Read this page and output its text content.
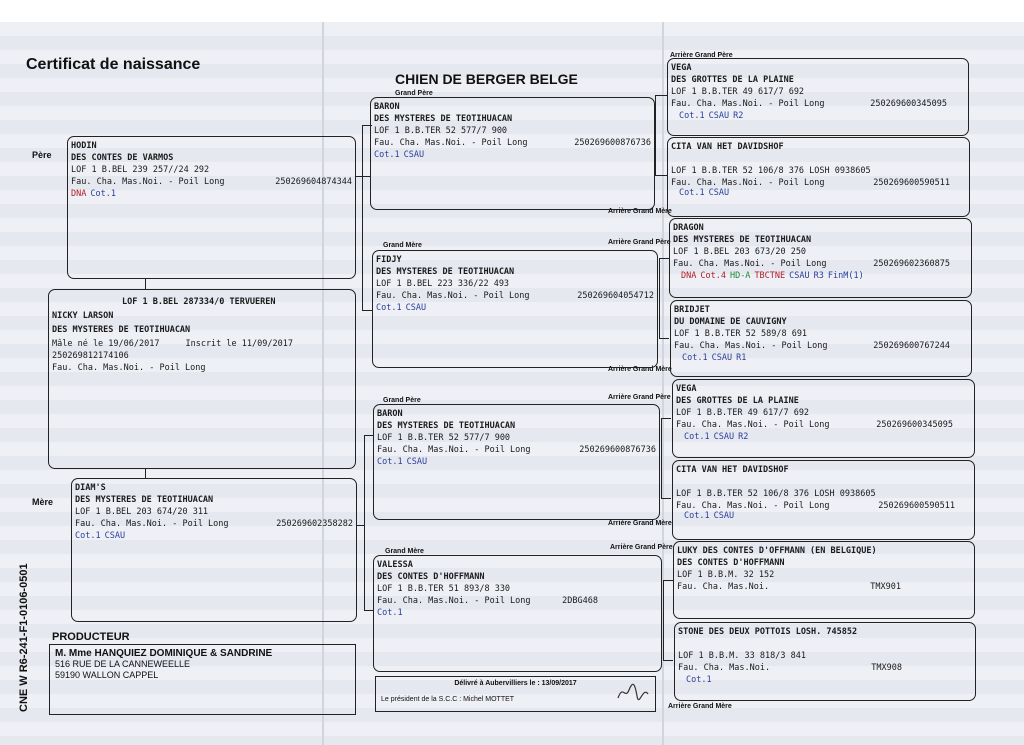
Certificat de naissance
CHIEN DE BERGER BELGE
Père
Mère
Grand Père
Grand Mère
Grand Père
Grand Mère
Arrière Grand Père
Arrière Grand Mère
Arrière Grand Père
Arrière Grand Mère
Arrière Grand Père
Arrière Grand Mère
Arrière Grand Père
Arrière Grand Mère
HODIN
DES CONTES DE VARMOS
LOF 1 B.BEL 239 257//24 292
Fau. Cha. Mas.Noi. - Poil Long	250269604874344
DNA Cot.1
LOF 1 B.BEL 287334/0 TERVUEREN
NICKY LARSON
DES MYSTERES DE TEOTIHUACAN
Mâle né le 19/06/2017	Inscrit le 11/09/2017
250269812174106
Fau. Cha. Mas.Noi. - Poil Long
DIAM'S
DES MYSTERES DE TEOTIHUACAN
LOF 1 B.BEL 203 674/20 311
Fau. Cha. Mas.Noi. - Poil Long	250269602358282
Cot.1 CSAU
BARON
DES MYSTERES DE TEOTIHUACAN
LOF 1 B.B.TER 52 577/7 900
Fau. Cha. Mas.Noi. - Poil Long	250269600876736
Cot.1 CSAU
FIDJY
DES MYSTERES DE TEOTIHUACAN
LOF 1 B.BEL 223 336/22 493
Fau. Cha. Mas.Noi. - Poil Long	250269604054712
Cot.1 CSAU
BARON
DES MYSTERES DE TEOTIHUACAN
LOF 1 B.B.TER 52 577/7 900
Fau. Cha. Mas.Noi. - Poil Long	250269600876736
Cot.1 CSAU
VALESSA
DES CONTES D'HOFFMANN
LOF 1 B.B.TER 51 893/8 330
Fau. Cha. Mas.Noi. - Poil Long	2DBG468
Cot.1
VEGA
DES GROTTES DE LA PLAINE
LOF 1 B.B.TER 49 617/7 692
Fau. Cha. Mas.Noi. - Poil Long	250269600345095
Cot.1 CSAU R2
CITA VAN HET DAVIDSHOF
LOF 1 B.B.TER 52 106/8 376 LOSH 0938605
Fau. Cha. Mas.Noi. - Poil Long	250269600590511
Cot.1 CSAU
DRAGON
DES MYSTERES DE TEOTIHUACAN
LOF 1 B.BEL 203 673/20 250
Fau. Cha. Mas.Noi. - Poil Long	250269602360875
DNA Cot.4 HD-A TBCTNE CSAU R3 FinM(1)
BRIDJET
DU DOMAINE DE CAUVIGNY
LOF 1 B.B.TER 52 589/8 691
Fau. Cha. Mas.Noi. - Poil Long	250269600767244
Cot.1 CSAU R1
VEGA
DES GROTTES DE LA PLAINE
LOF 1 B.B.TER 49 617/7 692
Fau. Cha. Mas.Noi. - Poil Long	250269600345095
Cot.1 CSAU R2
CITA VAN HET DAVIDSHOF
LOF 1 B.B.TER 52 106/8 376 LOSH 0938605
Fau. Cha. Mas.Noi. - Poil Long	250269600590511
Cot.1 CSAU
LUKY DES CONTES D'OFFMANN (EN BELGIQUE)
DES CONTES D'HOFFMANN
LOF 1 B.B.M. 32 152
Fau. Cha. Mas.Noi.	TMX901
STONE DES DEUX POTTOIS LOSH. 745852
LOF 1 B.B.M. 33 818/3 841
Fau. Cha. Mas.Noi.	TMX908
Cot.1
PRODUCTEUR
M. Mme HANQUIEZ DOMINIQUE & SANDRINE
516 RUE DE LA CANNEWEELLE
59190 WALLON CAPPEL
Délivré à Aubervilliers le : 13/09/2017
Le président de la S.C.C : Michel MOTTET
CNE W R6-241-F1-0106-0501
